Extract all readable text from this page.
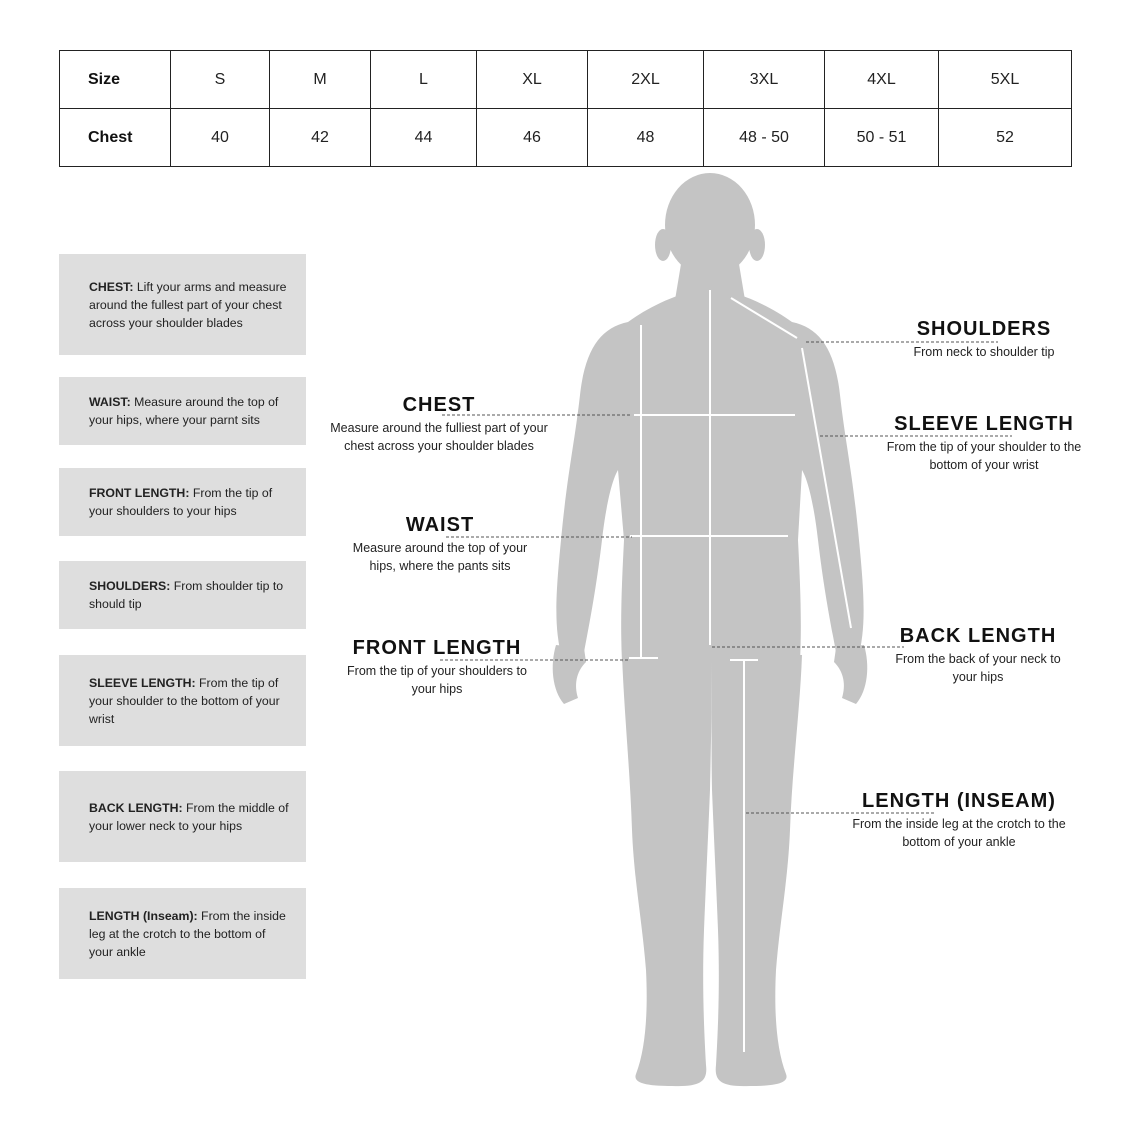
Size	S	M	L	XL	2XL	3XL	4XL	5XL
Chest	40	42	44	46	48	48 - 50	50 - 51	52
CHEST: Lift your arms and measure around the fullest part of your chest across your shoulder blades
WAIST: Measure around the top of your hips, where your parnt sits
FRONT LENGTH: From the tip of your shoulders to your hips
SHOULDERS: From shoulder tip to should tip
SLEEVE LENGTH: From the tip of your shoulder to the bottom of your wrist
BACK LENGTH: From the middle of your lower neck to your hips
LENGTH (Inseam): From the inside leg at the crotch to the bottom of your ankle
SHOULDERS
From neck to shoulder tip
CHEST
Measure around the fulliest part of your chest across your shoulder blades
SLEEVE LENGTH
From the tip of your shoulder to the bottom of your wrist
WAIST
Measure around the top of your hips, where the pants sits
FRONT LENGTH
From the tip of your shoulders to your hips
BACK LENGTH
From the back of your neck to your hips
LENGTH (INSEAM)
From the inside leg at the crotch to the bottom of your ankle
